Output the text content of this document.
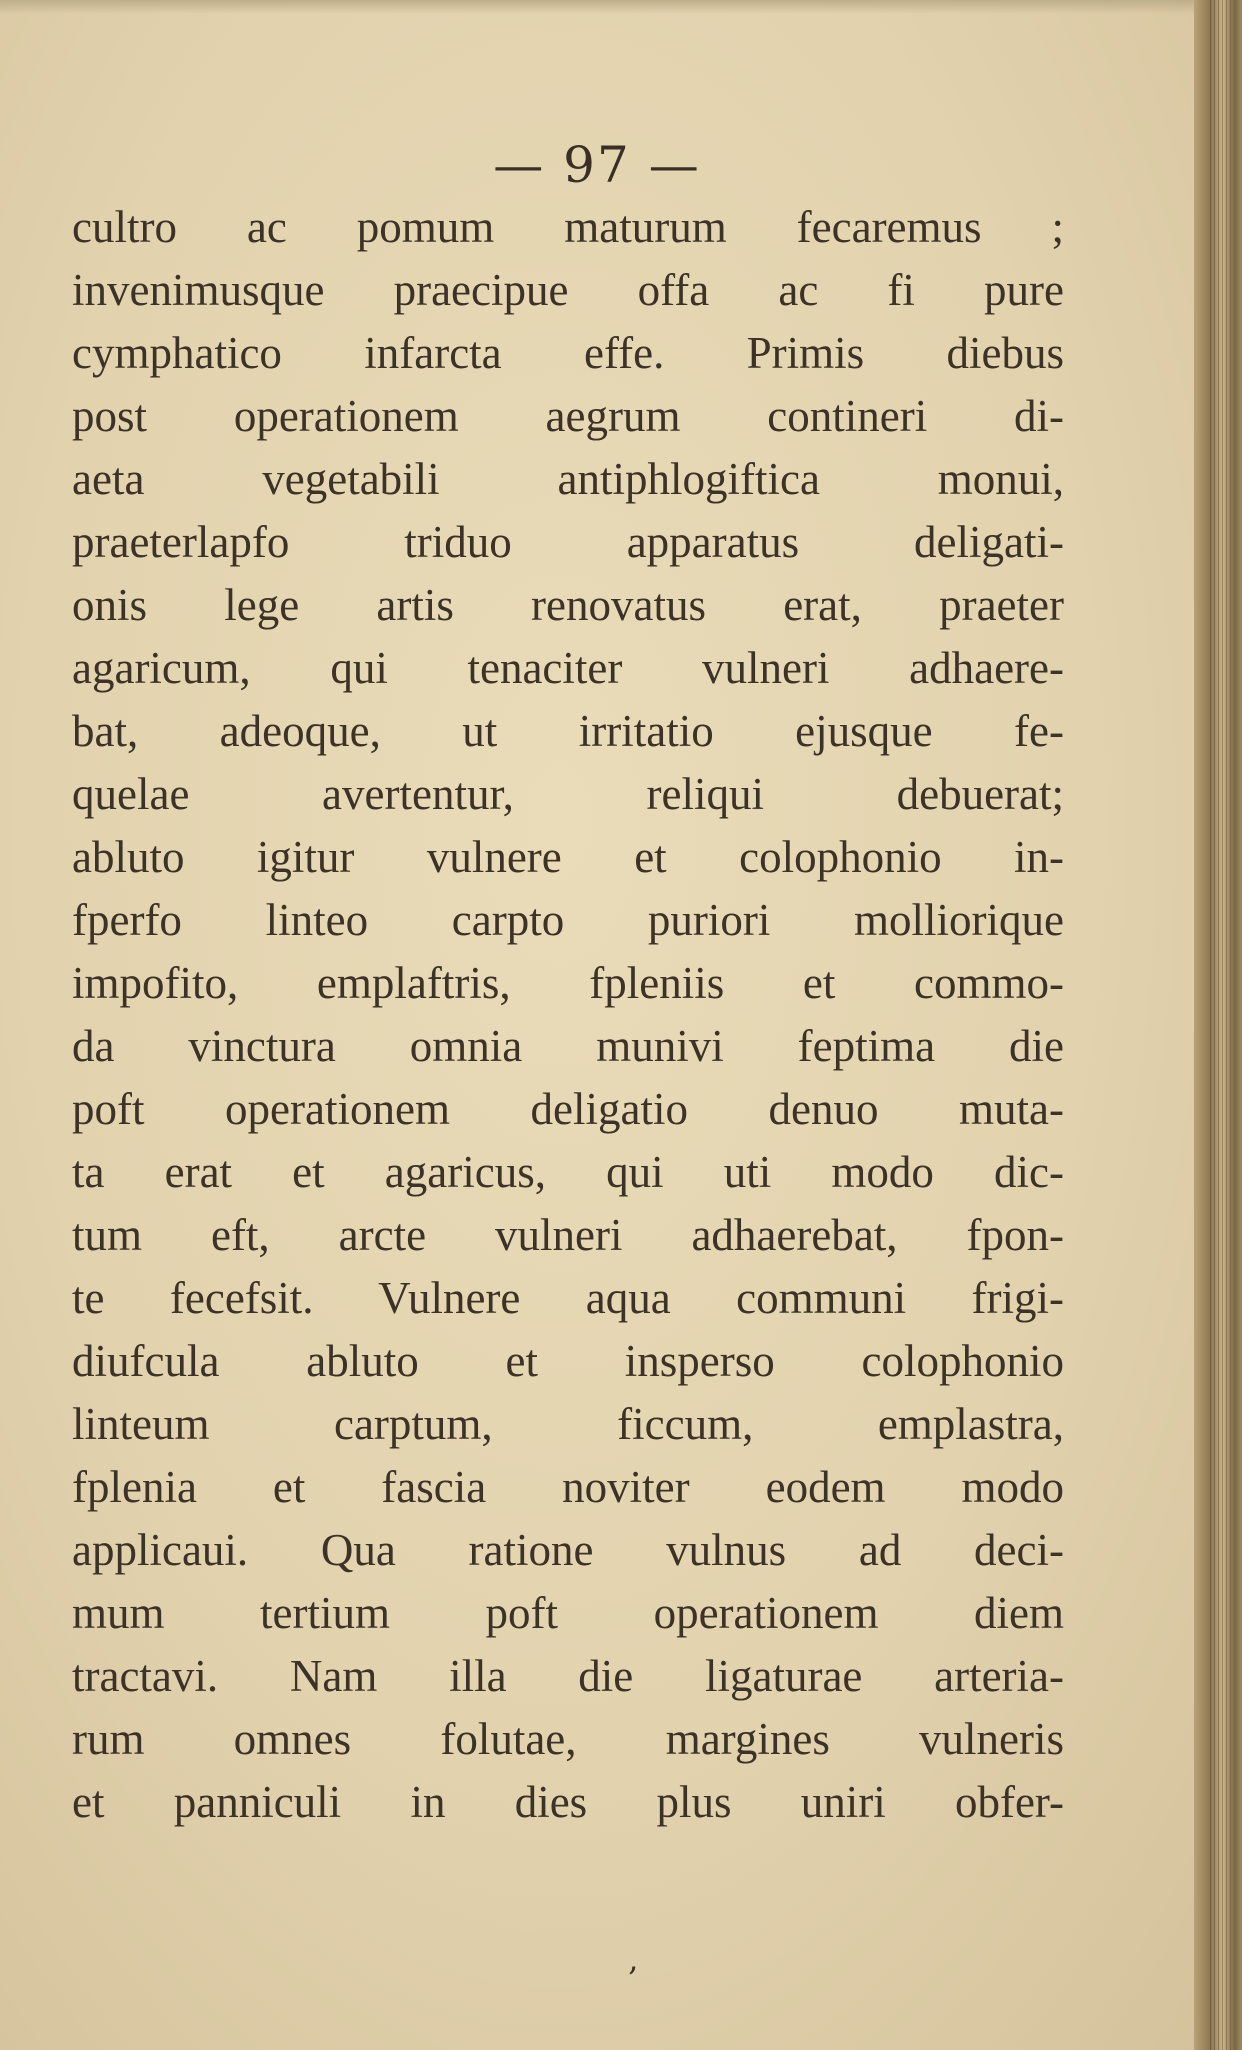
— 97 —
cultro ac pomum maturum fecaremus ;
invenimusque praecipue offa ac fi pure
cymphatico infarcta effe. Primis diebus
post operationem aegrum contineri di-
aeta vegetabili antiphlogiftica monui,
praeterlapfo triduo apparatus deligati-
onis lege artis renovatus erat, praeter
agaricum, qui tenaciter vulneri adhaere-
bat, adeoque, ut irritatio ejusque fe-
quelae avertentur, reliqui debuerat;
abluto igitur vulnere et colophonio in-
fperfo linteo carpto puriori molliorique
impofito, emplaftris, fpleniis et commo-
da vinctura omnia munivi feptima die
poft operationem deligatio denuo muta-
ta erat et agaricus, qui uti modo dic-
tum eft, arcte vulneri adhaerebat, fpon-
te fecefsit. Vulnere aqua communi frigi-
diufcula abluto et insperso colophonio
linteum carptum, ficcum, emplastra,
fplenia et fascia noviter eodem modo
applicaui. Qua ratione vulnus ad deci-
mum tertium poft operationem diem
tractavi. Nam illa die ligaturae arteria-
rum omnes folutae, margines vulneris
et panniculi in dies plus uniri obfer-
‚
